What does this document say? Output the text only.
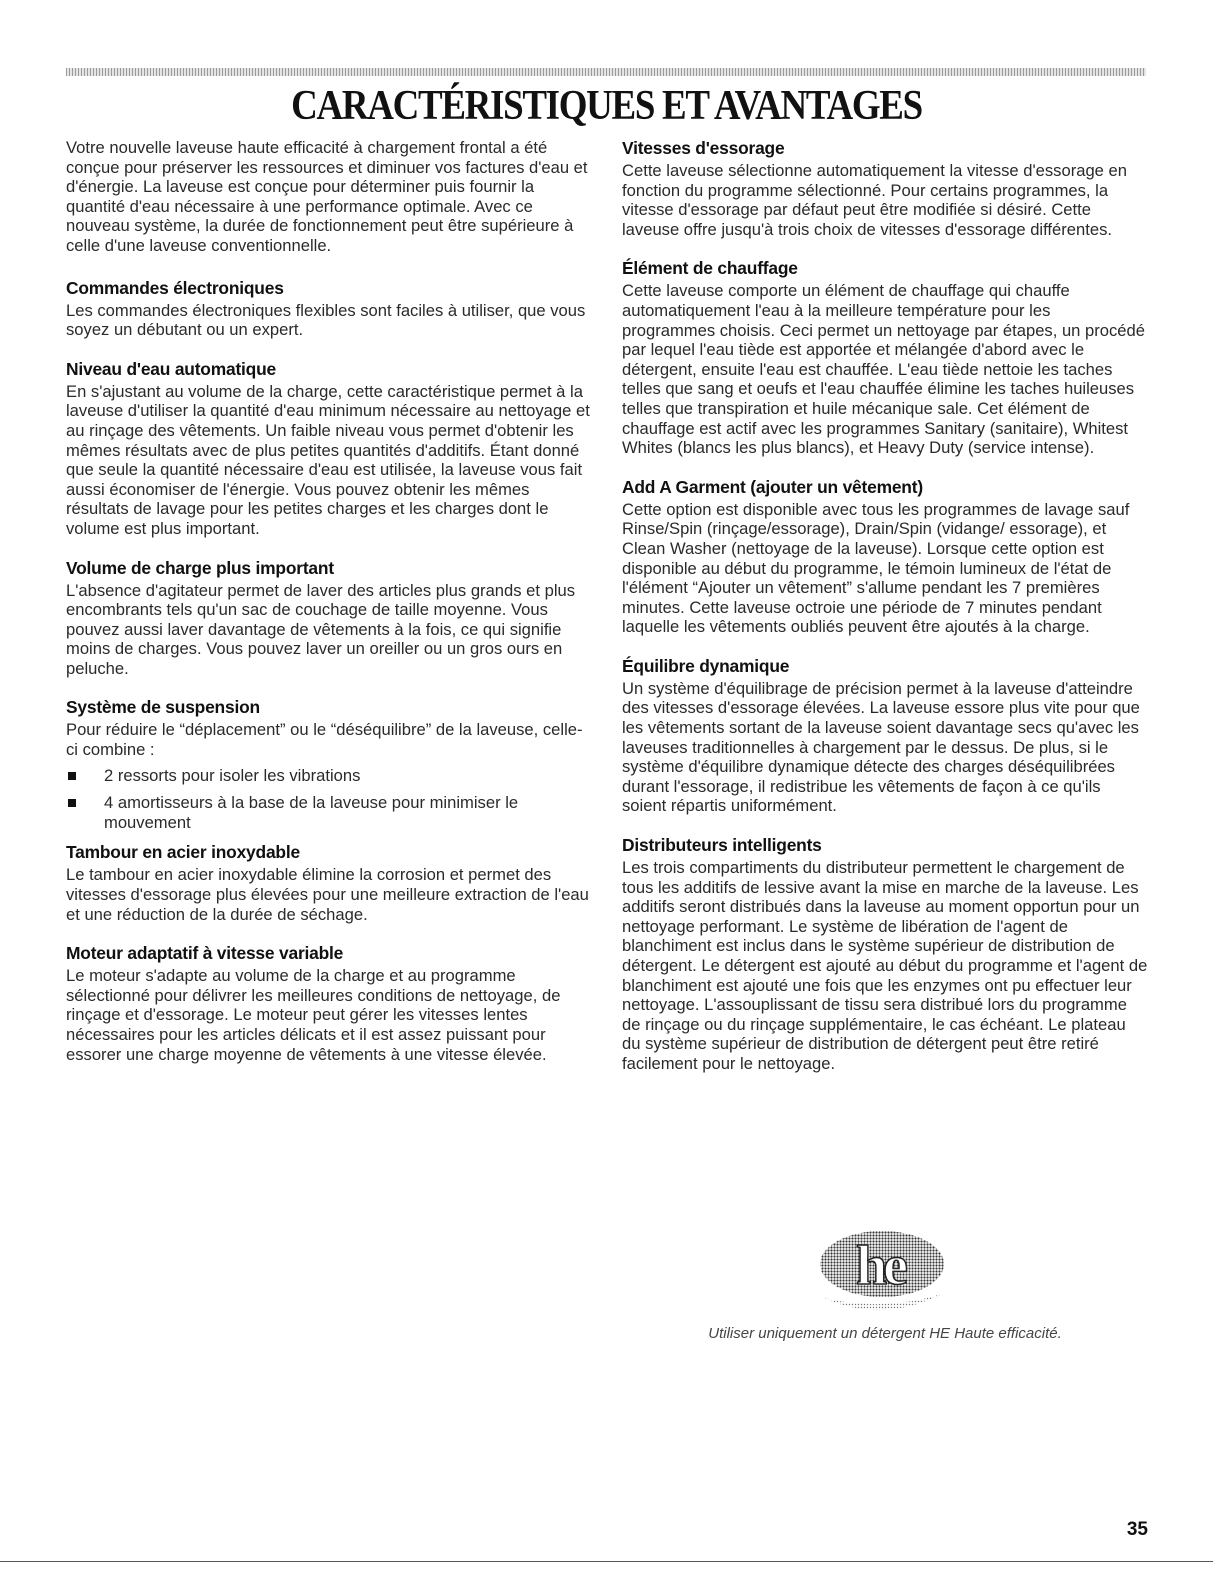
CARACTÉRISTIQUES ET AVANTAGES

Votre nouvelle laveuse haute efficacité à chargement frontal a été conçue pour préserver les ressources et diminuer vos factures d'eau et d'énergie. La laveuse est conçue pour déterminer puis fournir la quantité d'eau nécessaire à une performance optimale. Avec ce nouveau système, la durée de fonctionnement peut être supérieure à celle d'une laveuse conventionnelle.

Commandes électroniques

Les commandes électroniques flexibles sont faciles à utiliser, que vous soyez un débutant ou un expert.

Niveau d'eau automatique

En s'ajustant au volume de la charge, cette caractéristique permet à la laveuse d'utiliser la quantité d'eau minimum nécessaire au nettoyage et au rinçage des vêtements. Un faible niveau vous permet d'obtenir les mêmes résultats avec de plus petites quantités d'additifs. Étant donné que seule la quantité nécessaire d'eau est utilisée, la laveuse vous fait aussi économiser de l'énergie. Vous pouvez obtenir les mêmes résultats de lavage pour les petites charges et les charges dont le volume est plus important.

Volume de charge plus important

L'absence d'agitateur permet de laver des articles plus grands et plus encombrants tels qu'un sac de couchage de taille moyenne. Vous pouvez aussi laver davantage de vêtements à la fois, ce qui signifie moins de charges. Vous pouvez laver un oreiller ou un gros ours en peluche.

Système de suspension

Pour réduire le “déplacement” ou le “déséquilibre” de la laveuse, celle-ci combine :

2 ressorts pour isoler les vibrations
4 amortisseurs à la base de la laveuse pour minimiser le mouvement
Tambour en acier inoxydable

Le tambour en acier inoxydable élimine la corrosion et permet des vitesses d'essorage plus élevées pour une meilleure extraction de l'eau et une réduction de la durée de séchage.

Moteur adaptatif à vitesse variable

Le moteur s'adapte au volume de la charge et au programme sélectionné pour délivrer les meilleures conditions de nettoyage, de rinçage et d'essorage. Le moteur peut gérer les vitesses lentes nécessaires pour les articles délicats et il est assez puissant pour essorer une charge moyenne de vêtements à une vitesse élevée.

Vitesses d'essorage

Cette laveuse sélectionne automatiquement la vitesse d'essorage en fonction du programme sélectionné. Pour certains programmes, la vitesse d'essorage par défaut peut être modifiée si désiré. Cette laveuse offre jusqu'à trois choix de vitesses d'essorage différentes.

Élément de chauffage

Cette laveuse comporte un élément de chauffage qui chauffe automatiquement l'eau à la meilleure température pour les programmes choisis. Ceci permet un nettoyage par étapes, un procédé par lequel l'eau tiède est apportée et mélangée d'abord avec le détergent, ensuite l'eau est chauffée. L'eau tiède nettoie les taches telles que sang et oeufs et l'eau chauffée élimine les taches huileuses telles que transpiration et huile mécanique sale. Cet élément de chauffage est actif avec les programmes Sanitary (sanitaire), Whitest Whites (blancs les plus blancs), et Heavy Duty (service intense).

Add A Garment (ajouter un vêtement)

Cette option est disponible avec tous les programmes de lavage sauf Rinse/Spin (rinçage/essorage), Drain/Spin (vidange/ essorage), et Clean Washer (nettoyage de la laveuse). Lorsque cette option est disponible au début du programme, le témoin lumineux de l'état de l'élément “Ajouter un vêtement” s'allume pendant les 7 premières minutes. Cette laveuse octroie une période de 7 minutes pendant laquelle les vêtements oubliés peuvent être ajoutés à la charge.

Équilibre dynamique

Un système d'équilibrage de précision permet à la laveuse d'atteindre des vitesses d'essorage élevées. La laveuse essore plus vite pour que les vêtements sortant de la laveuse soient davantage secs qu'avec les laveuses traditionnelles à chargement par le dessus. De plus, si le système d'équilibre dynamique détecte des charges déséquilibrées durant l'essorage, il redistribue les vêtements de façon à ce qu'ils soient répartis uniformément.

Distributeurs intelligents

Les trois compartiments du distributeur permettent le chargement de tous les additifs de lessive avant la mise en marche de la laveuse. Les additifs seront distribués dans la laveuse au moment opportun pour un nettoyage performant. Le système de libération de l'agent de blanchiment est inclus dans le système supérieur de distribution de détergent. Le détergent est ajouté au début du programme et l'agent de blanchiment est ajouté une fois que les enzymes ont pu effectuer leur nettoyage. L'assouplissant de tissu sera distribué lors du programme de rinçage ou du rinçage supplémentaire, le cas échéant. Le plateau du système supérieur de distribution de détergent peut être retiré facilement pour le nettoyage.

he

Utiliser uniquement un détergent HE Haute efficacité.

35
